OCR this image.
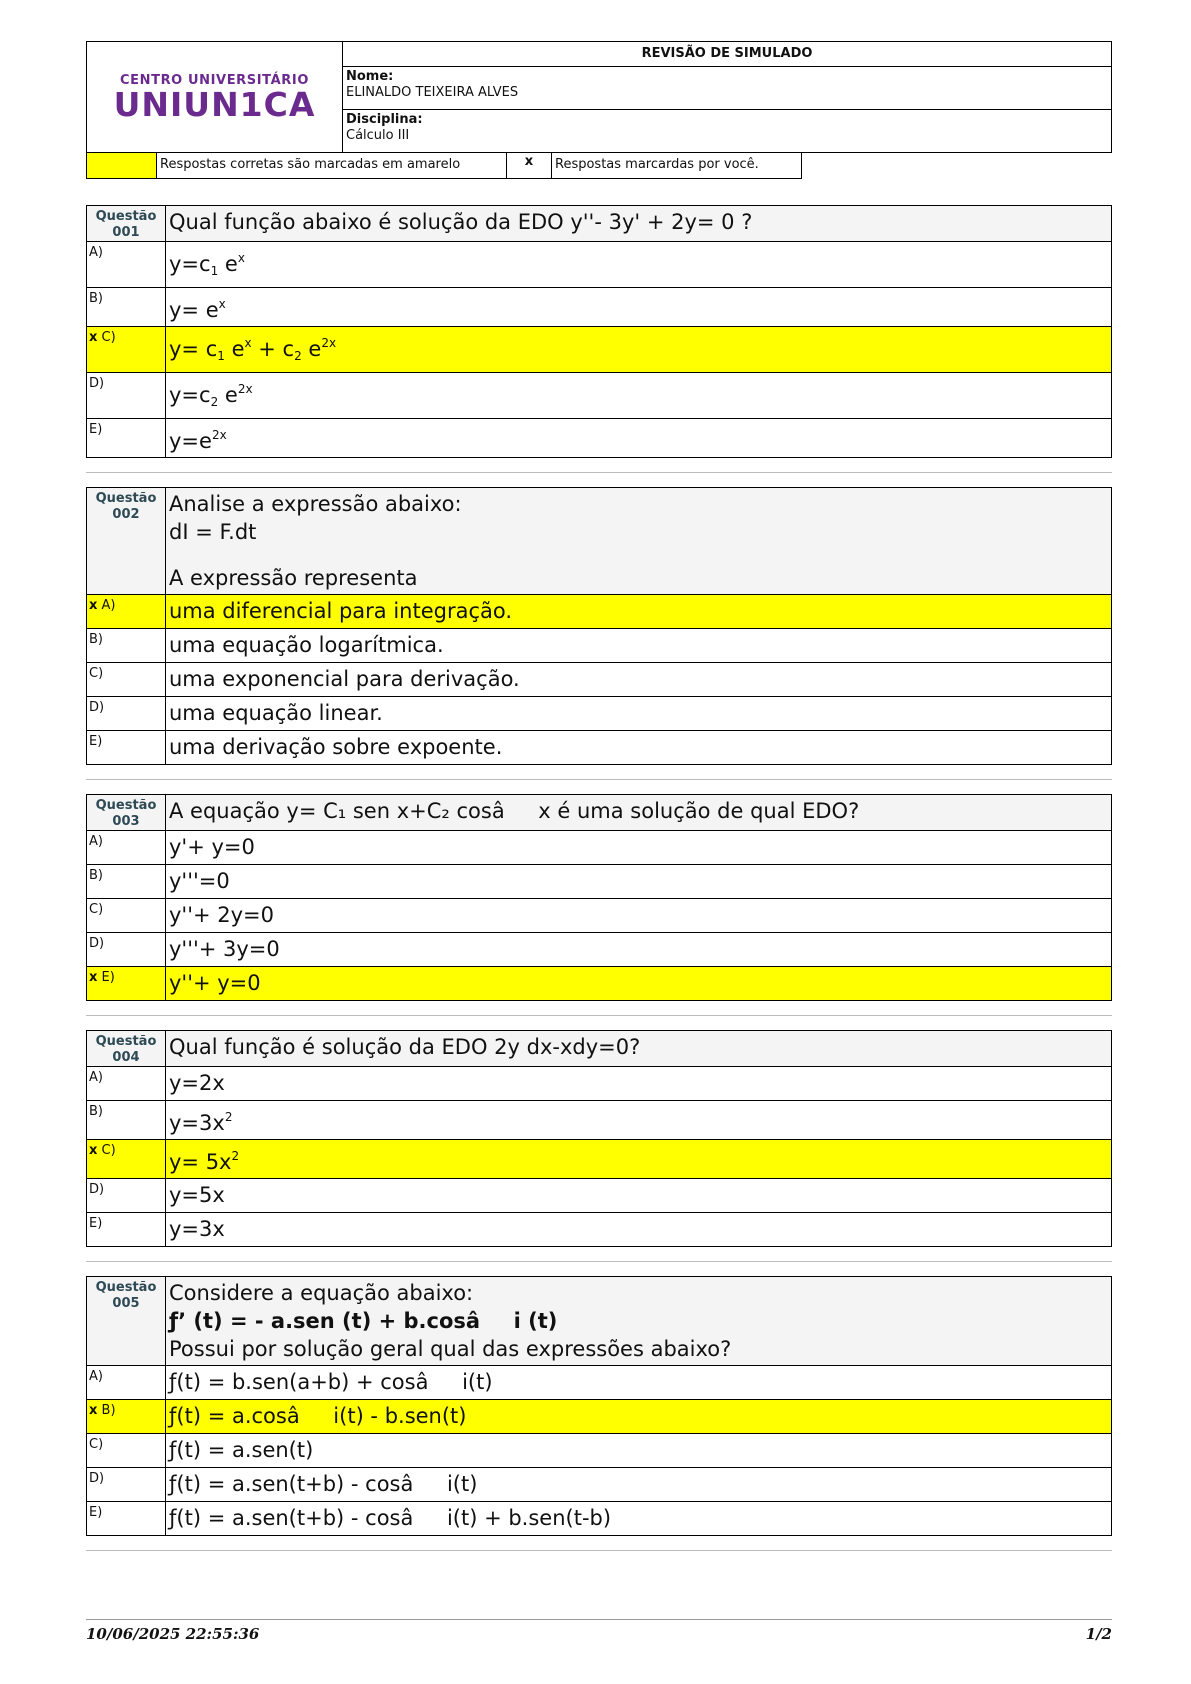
CENTRO UNIVERSITÁRIO
UNIUN1CA
REVISÃO DE SIMULADO
Nome:
ELINALDO TEIXEIRA ALVES
Disciplina:
Cálculo III
Respostas corretas são marcadas em amarelo	x	Respostas marcardas por você.
Questão
001	Qual função abaixo é solução da EDO y''- 3y' + 2y= 0 ?
A)	$y=c_1$ $e^x$
B)	$y= e^x$
x C)	$y= c_1$ $e^x + c_2$ $e^{2x}$
D)	$y=c_2$ $e^{2x}$
E)	$y=e^{2x}$
Questão
002	Analise a expressão abaixo:
dI = F.dt

A expressão representa

x A)	uma diferencial para integração.
B)	uma equação logarítmica.
C)	uma exponencial para derivação.
D)	uma equação linear.
E)	uma derivação sobre expoente.
Questão
003	A equação y= C₁ sen x+C₂ cosâx é uma solução de qual EDO?
A)	y'+ y=0
B)	y'''=0
C)	y''+ 2y=0
D)	y'''+ 3y=0
x E)	y''+ y=0
Questão
004	Qual função é solução da EDO 2y dx-xdy=0?
A)	y=2x
B)	$y=3x^2$
x C)	$y= 5x^2$
D)	y=5x
E)	y=3x
Questão
005	Considere a equação abaixo:
ƒ’ (t) = - a.sen (t) + b.cosâi (t)
Possui por solução geral qual das expressões abaixo?
A)	ƒ(t) = b.sen(a+b) + cosâi(t)
x B)	ƒ(t) = a.cosâi(t) - b.sen(t)
C)	ƒ(t) = a.sen(t)
D)	ƒ(t) = a.sen(t+b) - cosâi(t)
E)	ƒ(t) = a.sen(t+b) - cosâi(t) + b.sen(t-b)
10/06/2025 22:55:36	1/2
